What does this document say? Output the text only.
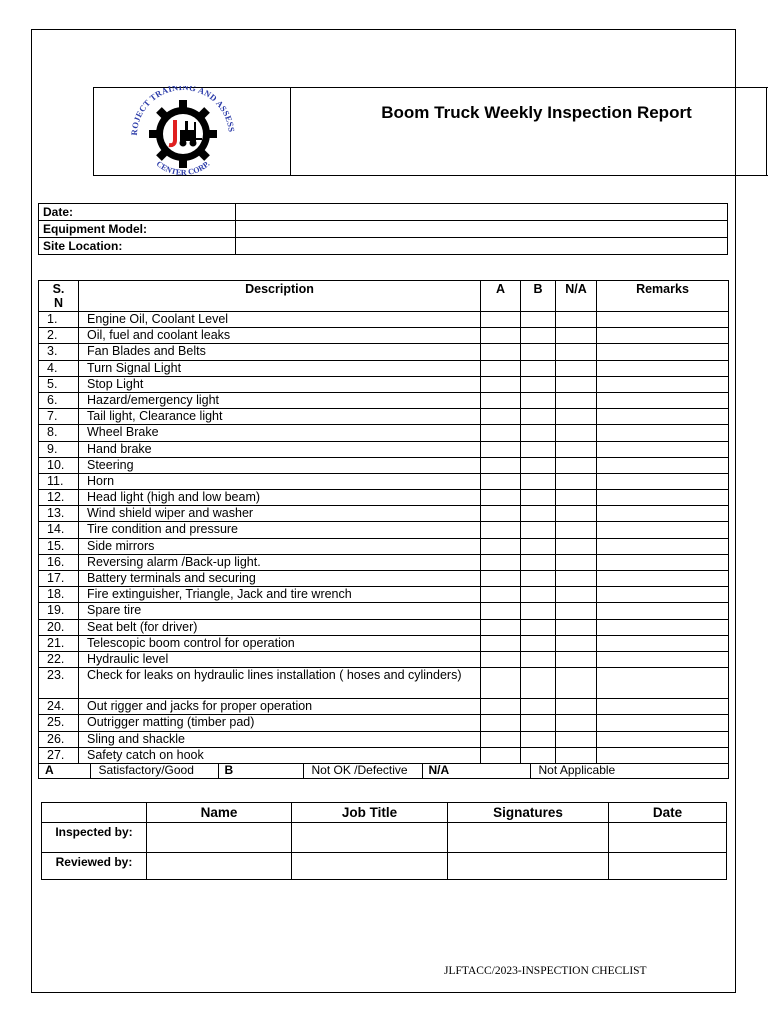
ROJECT TRAINING AND ASSESS
CENTER CORP.
Boom Truck Weekly Inspection Report
Date:	
Equipment Model:	
Site Location:	
S.
N	Description	A	B	N/A	Remarks
1.	Engine Oil, Coolant Level				
2.	Oil, fuel and coolant leaks				
3.	Fan Blades and Belts				
4.	Turn Signal Light				
5.	Stop Light				
6.	Hazard/emergency light				
7.	Tail light, Clearance light				
8.	Wheel Brake				
9.	Hand brake				
10.	Steering				
11.	Horn				
12.	Head light (high and low beam)				
13.	Wind shield wiper and washer				
14.	Tire condition and pressure				
15.	Side mirrors				
16.	Reversing alarm /Back-up light.				
17.	Battery terminals and securing				
18.	Fire extinguisher, Triangle, Jack and tire wrench				
19.	Spare tire				
20.	Seat belt (for driver)				
21.	Telescopic boom control for operation				
22.	Hydraulic level				
23.	Check for leaks on hydraulic lines installation ( hoses and cylinders)				
24.	Out rigger and jacks for proper operation				
25.	Outrigger matting (timber pad)				
26.	Sling and shackle				
27.	Safety catch on hook				

A	Satisfactory/Good	B	Not OK /Defective	N/A	Not Applicable
	Name	Job Title	Signatures	Date
Inspected by:				
Reviewed by:				
JLFTACC/2023-INSPECTION CHECLIST
